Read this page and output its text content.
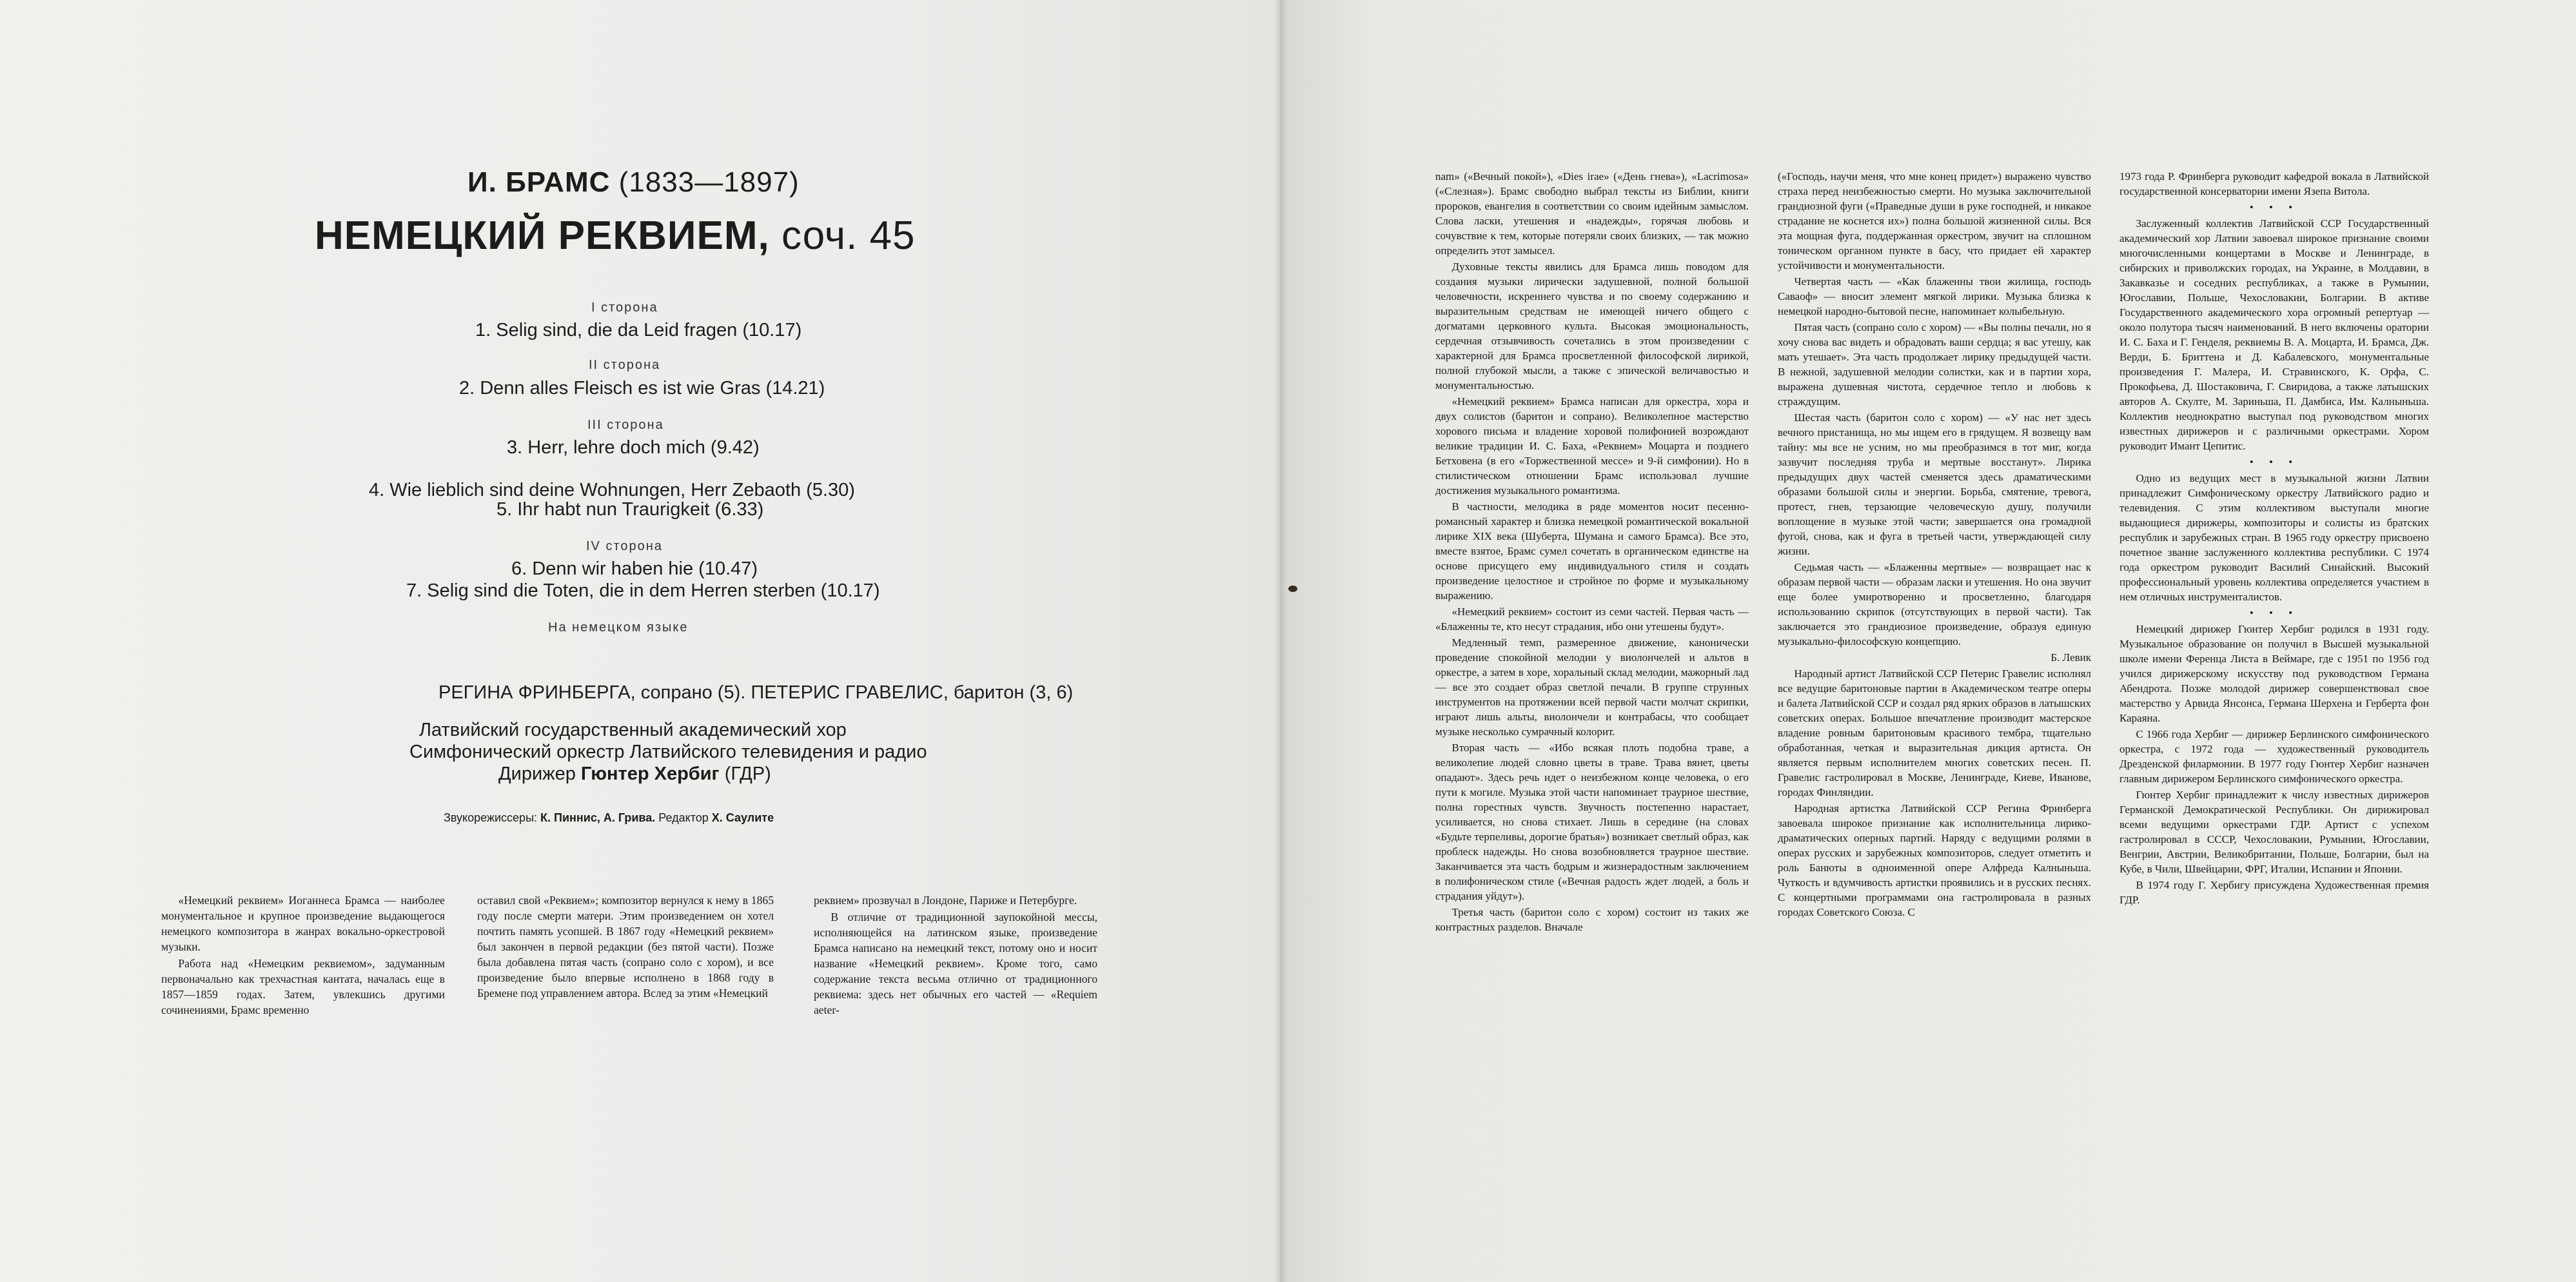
И. БРАМС (1833—1897)
НЕМЕЦКИЙ РЕКВИЕМ, соч. 45
I сторона
1. Selig sind, die da Leid fragen (10.17)
II сторона
2. Denn alles Fleisch es ist wie Gras (14.21)
III сторона
3. Herr, lehre doch mich (9.42)
4. Wie lieblich sind deine Wohnungen, Herr Zebaoth (5.30)
5. Ihr habt nun Traurigkeit (6.33)
IV сторона
6. Denn wir haben hie (10.47)
7. Selig sind die Toten, die in dem Herren sterben (10.17)
На немецком языке
РЕГИНА ФРИНБЕРГА, сопрано (5). ПЕТЕРИС ГРАВЕЛИС, баритон (3, 6)
Латвийский государственный академический хор
Симфонический оркестр Латвийского телевидения и радио
Дирижер Гюнтер Хербиг (ГДР)
Звукорежиссеры: К. Пиннис, А. Грива. Редактор Х. Саулите

«Немецкий реквием» Иоганнеса Брамса — наиболее монументальное и крупное произведение выдающегося немецкого композитора в жанрах вокально-оркестровой музыки.

Работа над «Немецким реквиемом», задуманным первоначально как трехчастная кантата, началась еще в 1857—1859 годах. Затем, увлекшись другими сочинениями, Брамс временно

оставил свой «Реквием»; композитор вернулся к нему в 1865 году после смерти матери. Этим произведением он хотел почтить память усопшей. В 1867 году «Немецкий реквием» был закончен в первой редакции (без пятой части). Позже была добавлена пятая часть (сопрано соло с хором), и все произведение было впервые исполнено в 1868 году в Бремене под управлением автора. Вслед за этим «Немецкий

реквием» прозвучал в Лондоне, Париже и Петербурге.

В отличие от традиционной заупокойной мессы, исполняющейся на латинском языке, произведение Брамса написано на немецкий текст, потому оно и носит название «Немецкий реквием». Кроме того, само содержание текста весьма отлично от традиционного реквиема: здесь нет обычных его частей — «Requiem aeter-

nam» («Вечный покой»), «Dies irae» («День гнева»), «Lacrimosa» («Слезная»). Брамс свободно выбрал тексты из Библии, книги пророков, евангелия в соответствии со своим идейным замыслом. Слова ласки, утешения и «надежды», горячая любовь и сочувствие к тем, которые потеряли своих близких, — так можно определить этот замысел.

Духовные тексты явились для Брамса лишь поводом для создания музыки лирически задушевной, полной большой человечности, искреннего чувства и по своему содержанию и выразительным средствам не имеющей ничего общего с догматами церковного культа. Высокая эмоциональность, сердечная отзывчивость сочетались в этом произведении с характерной для Брамса просветленной философской лирикой, полной глубокой мысли, а также с эпической величавостью и монументальностью.

«Немецкий реквием» Брамса написан для оркестра, хора и двух солистов (баритон и сопрано). Великолепное мастерство хорового письма и владение хоровой полифонией возрождают великие традиции И. С. Баха, «Реквием» Моцарта и позднего Бетховена (в его «Торжественной мессе» и 9-й симфонии). Но в стилистическом отношении Брамс использовал лучшие достижения музыкального романтизма.

В частности, мелодика в ряде моментов носит песенно-романсный характер и близка немецкой романтической вокальной лирике XIX века (Шуберта, Шумана и самого Брамса). Все это, вместе взятое, Брамс сумел сочетать в органическом единстве на основе присущего ему индивидуального стиля и создать произведение целостное и стройное по форме и музыкальному выражению.

«Немецкий реквием» состоит из семи частей. Первая часть — «Блаженны те, кто несут страдания, ибо они утешены будут».

Медленный темп, размеренное движение, канонически проведение спокойной мелодии у виолончелей и альтов в оркестре, а затем в хоре, хоральный склад мелодии, мажорный лад — все это создает образ светлой печали. В группе струнных инструментов на протяжении всей первой части молчат скрипки, играют лишь альты, виолончели и контрабасы, что сообщает музыке несколько сумрачный колорит.

Вторая часть — «Ибо всякая плоть подобна траве, а великолепие людей словно цветы в траве. Трава вянет, цветы опадают». Здесь речь идет о неизбежном конце человека, о его пути к могиле. Музыка этой части напоминает траурное шествие, полна горестных чувств. Звучность постепенно нарастает, усиливается, но снова стихает. Лишь в середине (на словах «Будьте терпеливы, дорогие братья») возникает светлый образ, как проблеск надежды. Но снова возобновляется траурное шествие. Заканчивается эта часть бодрым и жизнерадостным заключением в полифоническом стиле («Вечная радость ждет людей, а боль и страдания уйдут»).

Третья часть (баритон соло с хором) состоит из таких же контрастных разделов. Вначале

(«Господь, научи меня, что мне конец придет») выражено чувство страха перед неизбежностью смерти. Но музыка заключительной грандиозной фуги («Праведные души в руке господней, и никакое страдание не коснется их») полна большой жизненной силы. Вся эта мощная фуга, поддержанная оркестром, звучит на сплошном тоническом органном пункте в басу, что придает ей характер устойчивости и монументальности.

Четвертая часть — «Как блаженны твои жилища, господь Саваоф» — вносит элемент мягкой лирики. Музыка близка к немецкой народно-бытовой песне, напоминает колыбельную.

Пятая часть (сопрано соло с хором) — «Вы полны печали, но я хочу снова вас видеть и обрадовать ваши сердца; я вас утешу, как мать утешает». Эта часть продолжает лирику предыдущей части. В нежной, задушевной мелодии солистки, как и в партии хора, выражена душевная чистота, сердечное тепло и любовь к страждущим.

Шестая часть (баритон соло с хором) — «У нас нет здесь вечного пристанища, но мы ищем его в грядущем. Я возвещу вам тайну: мы все не усним, но мы преобразимся в тот миг, когда зазвучит последняя труба и мертвые восстанут». Лирика предыдущих двух частей сменяется здесь драматическими образами большой силы и энергии. Борьба, смятение, тревога, протест, гнев, терзающие человеческую душу, получили воплощение в музыке этой части; завершается она громадной фугой, снова, как и фуга в третьей части, утверждающей силу жизни.

Седьмая часть — «Блаженны мертвые» — возвращает нас к образам первой части — образам ласки и утешения. Но она звучит еще более умиротворенно и просветленно, благодаря использованию скрипок (отсутствующих в первой части). Так заключается это грандиозное произведение, образуя единую музыкально-философскую концепцию.

Б. Левик

Народный артист Латвийской ССР Петерис Гравелис исполнял все ведущие баритоновые партии в Академическом театре оперы и балета Латвийской ССР и создал ряд ярких образов в латышских советских операх. Большое впечатление производит мастерское владение ровным баритоновым красивого тембра, тщательно обработанная, четкая и выразительная дикция артиста. Он является первым исполнителем многих советских песен. П. Гравелис гастролировал в Москве, Ленинграде, Киеве, Иванове, городах Финляндии.

Народная артистка Латвийской ССР Регина Фринберга завоевала широкое признание как исполнительница лирико-драматических оперных партий. Наряду с ведущими ролями в операх русских и зарубежных композиторов, следует отметить и роль Банюты в одноименной опере Алфреда Калныньша. Чуткость и вдумчивость артистки проявились и в русских песнях. С концертными программами она гастролировала в разных городах Советского Союза. С

1973 года Р. Фринберга руководит кафедрой вокала в Латвийской государственной консерватории имени Язепа Витола.

• • •

Заслуженный коллектив Латвийской ССР Государственный академический хор Латвии завоевал широкое признание своими многочисленными концертами в Москве и Ленинграде, в сибирских и приволжских городах, на Украине, в Молдавии, в Закавказье и соседних республиках, а также в Румынии, Югославии, Польше, Чехословакии, Болгарии. В активе Государственного академического хора огромный репертуар — около полутора тысяч наименований. В него включены оратории И. С. Баха и Г. Генделя, реквиемы В. А. Моцарта, И. Брамса, Дж. Верди, Б. Бриттена и Д. Кабалевского, монументальные произведения Г. Малера, И. Стравинского, К. Орфа, С. Прокофьева, Д. Шостаковича, Г. Свиридова, а также латышских авторов А. Скулте, М. Зариньша, П. Дамбиса, Им. Калныньша. Коллектив неоднократно выступал под руководством многих известных дирижеров и с различными оркестрами. Хором руководит Имант Цепитис.

• • •

Одно из ведущих мест в музыкальной жизни Латвии принадлежит Симфоническому оркестру Латвийского радио и телевидения. С этим коллективом выступали многие выдающиеся дирижеры, композиторы и солисты из братских республик и зарубежных стран. В 1965 году оркестру присвоено почетное звание заслуженного коллектива республики. С 1974 года оркестром руководит Василий Синайский. Высокий профессиональный уровень коллектива определяется участием в нем отличных инструменталистов.

• • •

Немецкий дирижер Гюнтер Хербиг родился в 1931 году. Музыкальное образование он получил в Высшей музыкальной школе имени Ференца Листа в Веймаре, где с 1951 по 1956 год учился дирижерскому искусству под руководством Германа Абендрота. Позже молодой дирижер совершенствовал свое мастерство у Арвида Янсонса, Германа Шерхена и Герберта фон Караяна.

С 1966 года Хербиг — дирижер Берлинского симфонического оркестра, с 1972 года — художественный руководитель Дрезденской филармонии. В 1977 году Гюнтер Хербиг назначен главным дирижером Берлинского симфонического оркестра.

Гюнтер Хербиг принадлежит к числу известных дирижеров Германской Демократической Республики. Он дирижировал всеми ведущими оркестрами ГДР. Артист с успехом гастролировал в СССР, Чехословакии, Румынии, Югославии, Венгрии, Австрии, Великобритании, Польше, Болгарии, был на Кубе, в Чили, Швейцарии, ФРГ, Италии, Испании и Японии.

В 1974 году Г. Хербигу присуждена Художественная премия ГДР.
